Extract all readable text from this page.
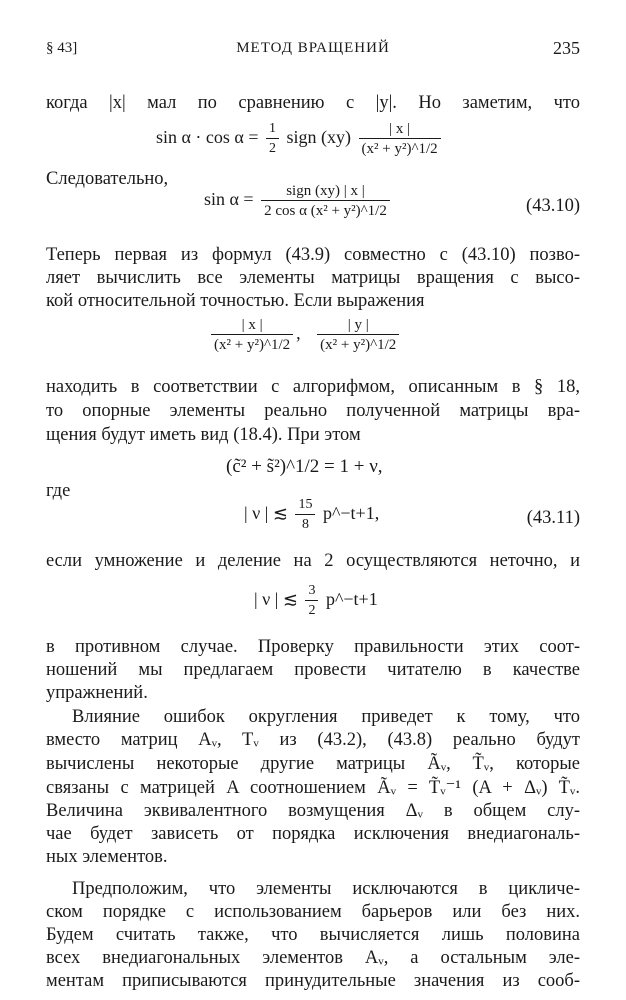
§ 43]	МЕТОД ВРАЩЕНИЙ	235
когда |x| мал по сравнению с |y|. Но заметим, что
$\sin \alpha \cdot \cos \alpha = \frac{1}{2}$ sign $(xy) \frac{| x |}{\text{(x² + y²)\textasciicircum{}1/2}}$
Следовательно,
$\sin \alpha = \frac{\text{sign (xy) | x |}}{\text{2 cos α (x² + y²)\textasciicircum{}1/2}}$	(43.10)
Теперь первая из формул (43.9) совместно с (43.10) позво-
ляет вычислить все элементы матрицы вращения с высо-
кой относительной точностью. Если выражения
$\frac{| x |}{\text{(x² + y²)\textasciicircum{}1/2}}$ , $\frac{| y |}{\text{(x² + y²)\textasciicircum{}1/2}}$
находить в соответствии с алгорифмом, описанным в § 18,
то опорные элементы реально полученной матрицы вра-
щения будут иметь вид (18.4). При этом
(c̃² + s̃²)^1/2 = 1 + ν,
где
| ν | ≲ $\frac{15}{8}$ p^−t+1,	(43.11)
если умножение и деление на 2 осуществляются неточно, и
| ν | ≲ $\frac{3}{2}$ p^−t+1
в противном случае. Проверку правильности этих соот-
ношений мы предлагаем провести читателю в качестве
упражнений.
Влияние ошибок округления приведет к тому, что
вместо матриц Aᵥ, Tᵥ из (43.2), (43.8) реально будут
вычислены некоторые другие матрицы Ãᵥ, T̃ᵥ, которые
связаны с матрицей A соотношением Ãᵥ = T̃ᵥ⁻¹ (A + Δᵥ) T̃ᵥ.
Величина эквивалентного возмущения Δᵥ в общем слу-
чае будет зависеть от порядка исключения внедиагональ-
ных элементов.
Предположим, что элементы исключаются в цикличе-
ском порядке с использованием барьеров или без них.
Будем считать также, что вычисляется лишь половина
всех внедиагональных элементов Aᵥ, а остальным эле-
ментам приписываются принудительные значения из сооб-
